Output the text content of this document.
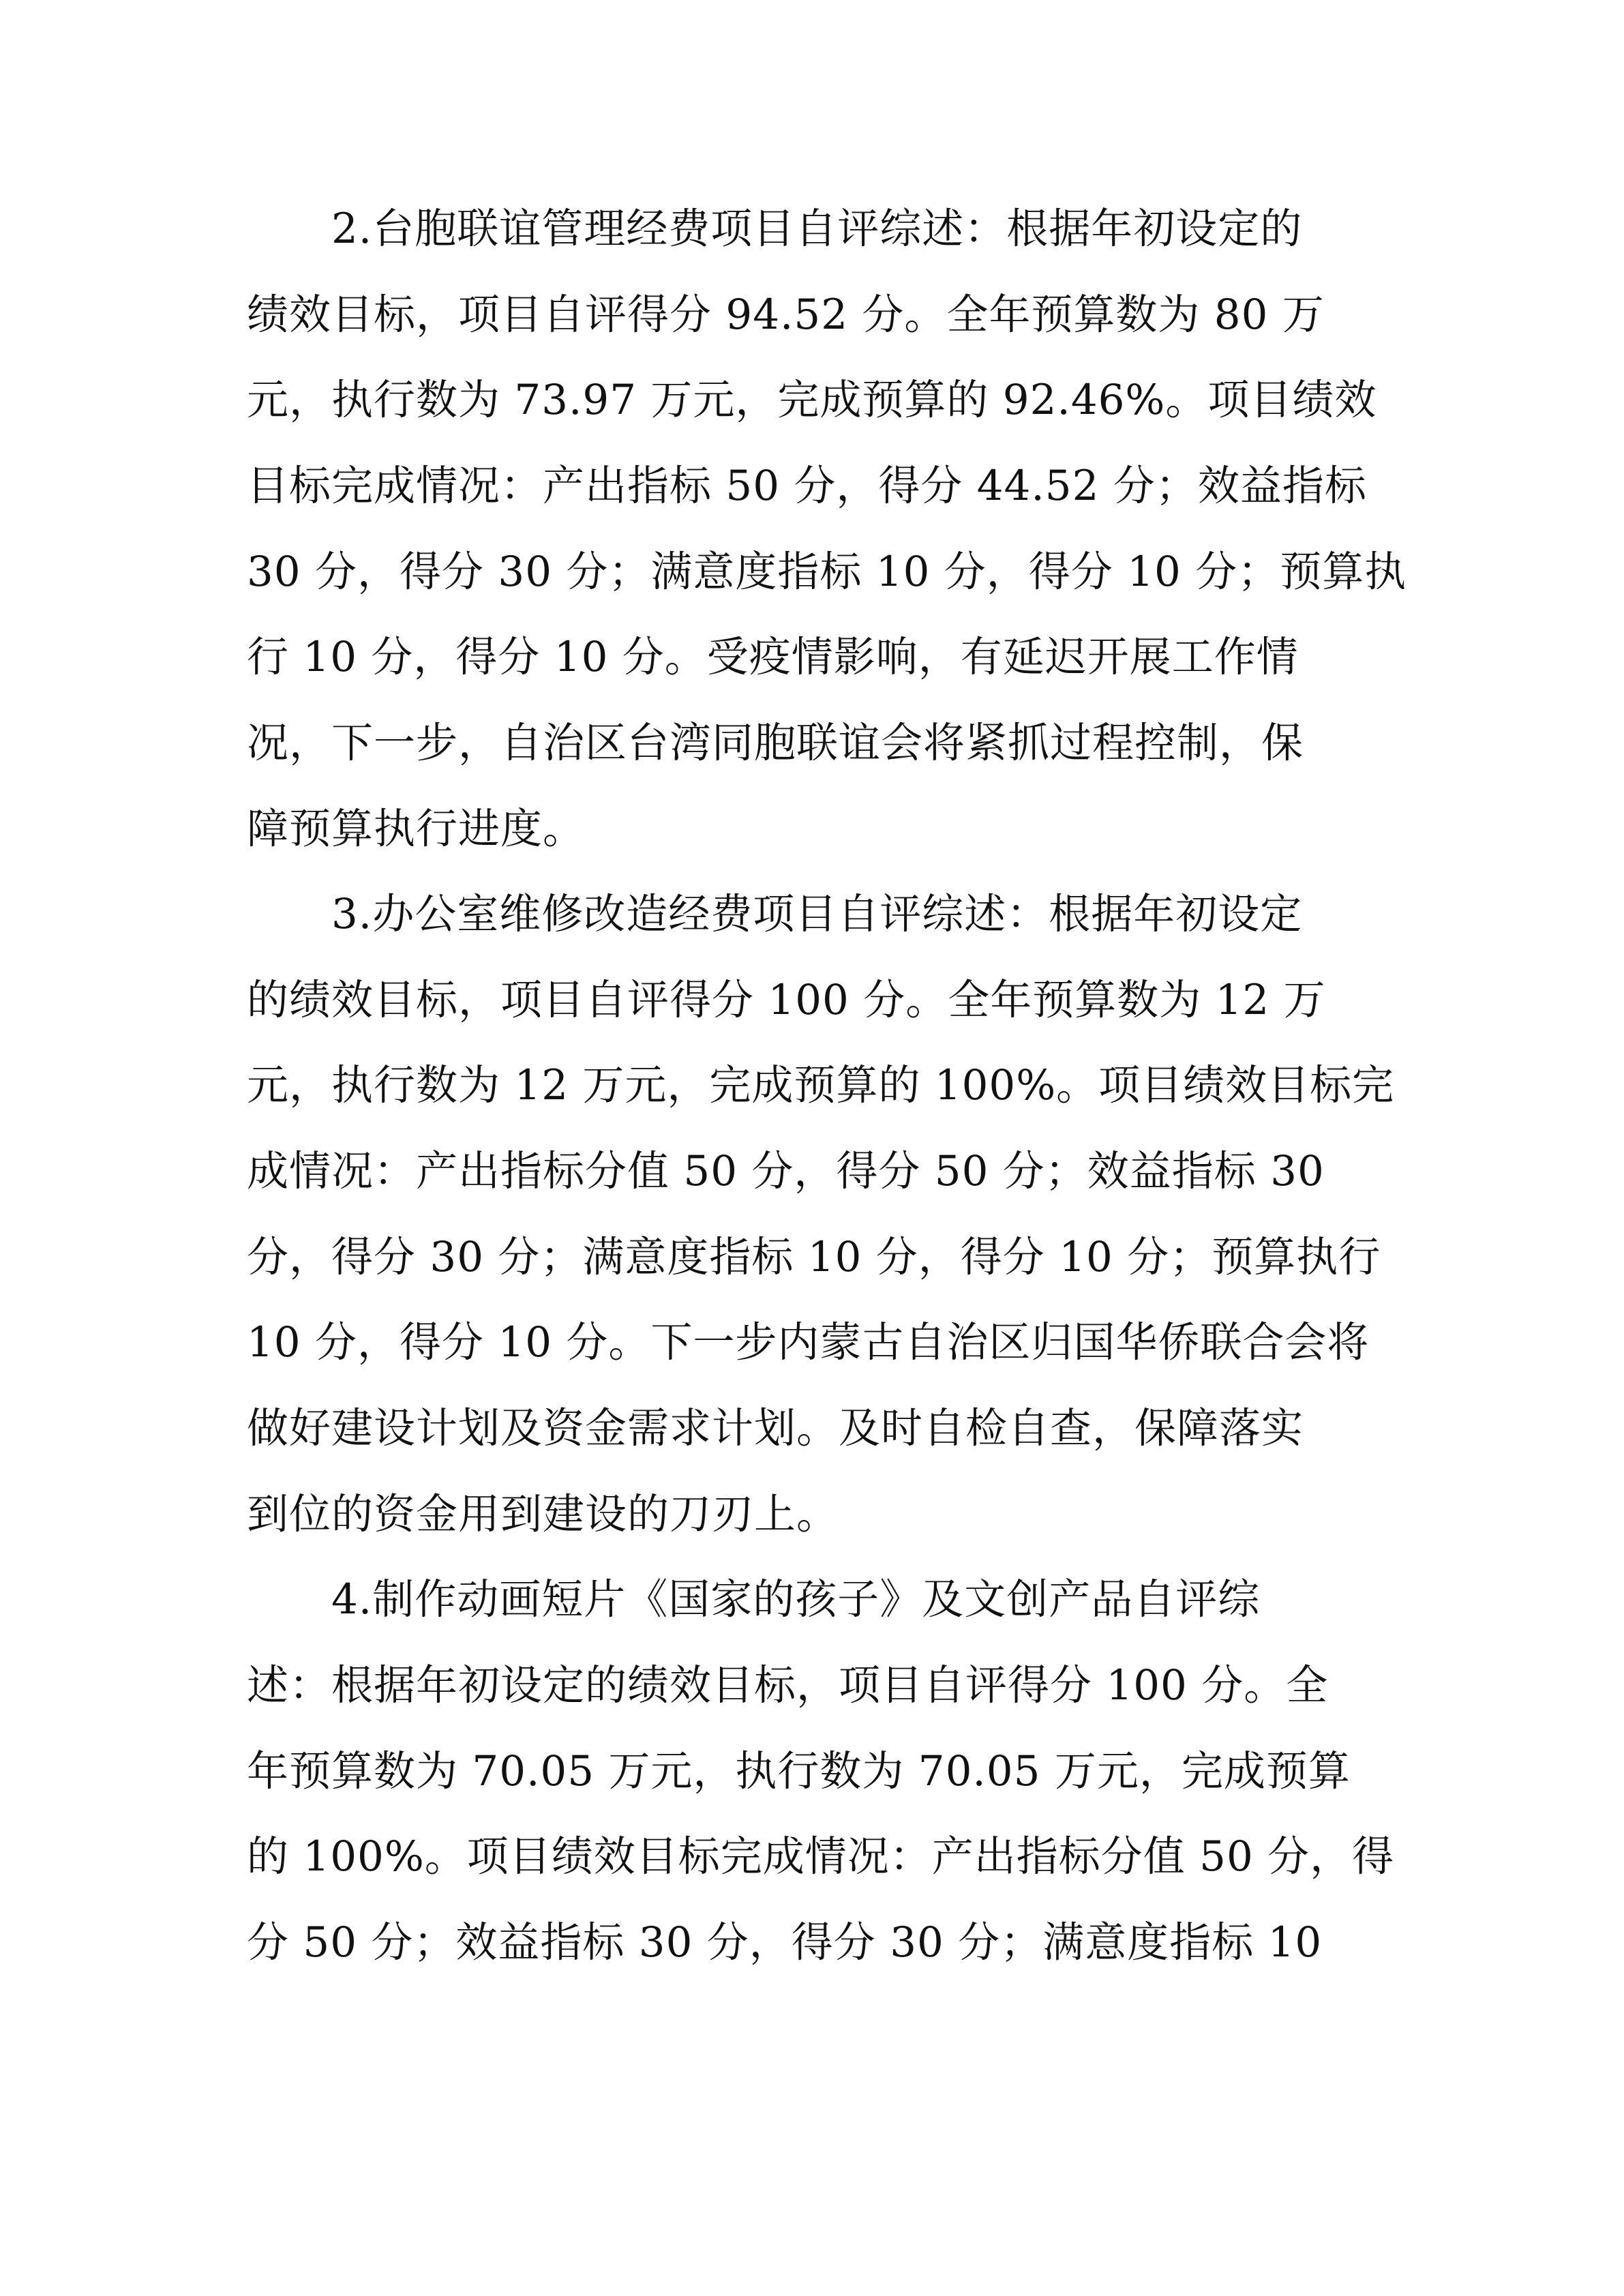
2.台胞联谊管理经费项目自评综述：根据年初设定的
绩效目标，项目自评得分 94.52 分。全年预算数为 80 万
元，执行数为 73.97 万元，完成预算的 92.46%。项目绩效
目标完成情况：产出指标 50 分，得分 44.52 分；效益指标
30 分，得分 30 分；满意度指标 10 分，得分 10 分；预算执
行 10 分，得分 10 分。受疫情影响，有延迟开展工作情
况，下一步，自治区台湾同胞联谊会将紧抓过程控制，保
障预算执行进度。
3.办公室维修改造经费项目自评综述：根据年初设定
的绩效目标，项目自评得分 100 分。全年预算数为 12 万
元，执行数为 12 万元，完成预算的 100%。项目绩效目标完
成情况：产出指标分值 50 分，得分 50 分；效益指标 30
分，得分 30 分；满意度指标 10 分，得分 10 分；预算执行
10 分，得分 10 分。下一步内蒙古自治区归国华侨联合会将
做好建设计划及资金需求计划。及时自检自查，保障落实
到位的资金用到建设的刀刃上。
4.制作动画短片《国家的孩子》及文创产品自评综
述：根据年初设定的绩效目标，项目自评得分 100 分。全
年预算数为 70.05 万元，执行数为 70.05 万元，完成预算
的 100%。项目绩效目标完成情况：产出指标分值 50 分，得
分 50 分；效益指标 30 分，得分 30 分；满意度指标 10
